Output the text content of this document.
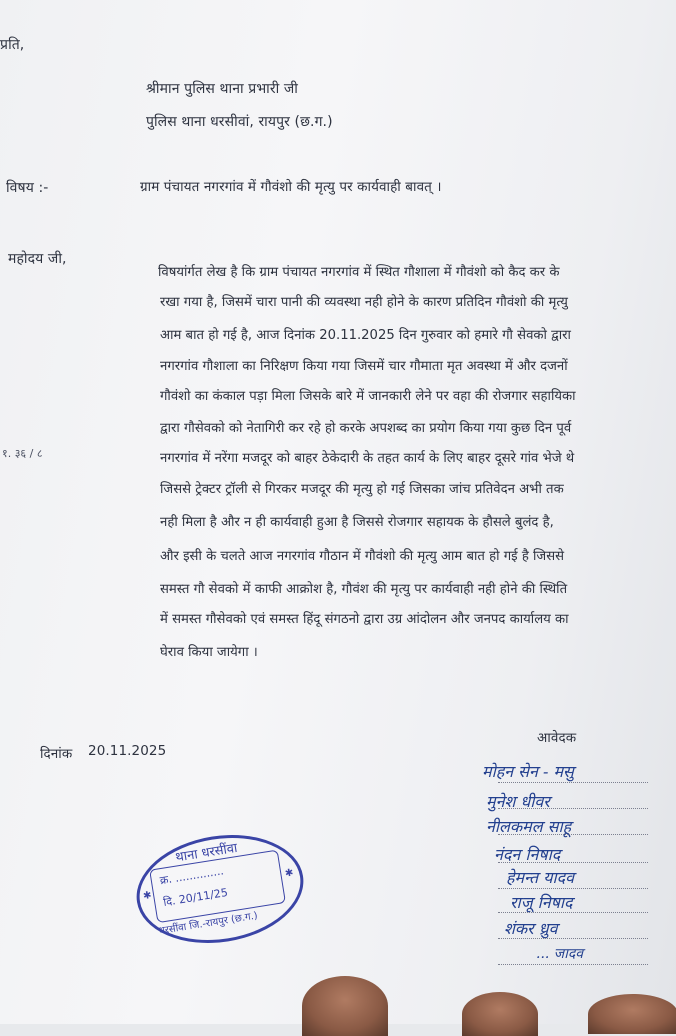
प्रति,
श्रीमान पुलिस थाना प्रभारी जी
पुलिस थाना धरसीवां, रायपुर (छ.ग.)
विषय :-	ग्राम पंचायत नगरगांव में गौवंशो की मृत्यु पर कार्यवाही बावत् ।
महोदय जी,
१. ३६ / ८
विषयांर्गत लेख है कि ग्राम पंचायत नगरगांव में स्थित गौशाला में गौवंशो को कैद कर के
रखा गया है, जिसमें चारा पानी की व्यवस्था नही होने के कारण प्रतिदिन गौवंशो की मृत्यु
आम बात हो गई है, आज दिनांक 20.11.2025 दिन गुरुवार को हमारे गौ सेवको द्वारा
नगरगांव गौशाला का निरिक्षण किया गया जिसमें चार गौमाता मृत अवस्था में और दजनों
गौवंशो का कंकाल पड़ा मिला जिसके बारे में जानकारी लेने पर वहा की रोजगार सहायिका
द्वारा गौसेवको को नेतागिरी कर रहे हो करके अपशब्द का प्रयोग किया गया कुछ दिन पूर्व
नगरगांव में नरेंगा मजदूर को बाहर ठेकेदारी के तहत कार्य के लिए बाहर दूसरे गांव भेजे थे
जिससे ट्रेक्टर ट्रॉली से गिरकर मजदूर की मृत्यु हो गई जिसका जांच प्रतिवेदन अभी तक
नही मिला है और न ही कार्यवाही हुआ है जिससे रोजगार सहायक के हौसले बुलंद है,
और इसी के चलते आज नगरगांव गौठान में गौवंशो की मृत्यु आम बात हो गई है जिससे
समस्त गौ सेवको में काफी आक्रोश है, गौवंश की मृत्यु पर कार्यवाही नही होने की स्थिति
में समस्त गौसेवको एवं समस्त हिंदू संगठनो द्वारा उग्र आंदोलन और जनपद कार्यालय का
घेराव किया जायेगा ।
दिनांक 20.11.2025
आवेदक
मोहन सेन - मसु
मुनेश धीवर
नीलकमल साहू
नंदन निषाद
हेमन्त यादव
राजू निषाद
शंकर ध्रुव
... जादव
थाना धरसींवा
✱
✱
क्र. ..............
दि. 20/11/25
धरसींवा जि.-रायपुर (छ.ग.)
